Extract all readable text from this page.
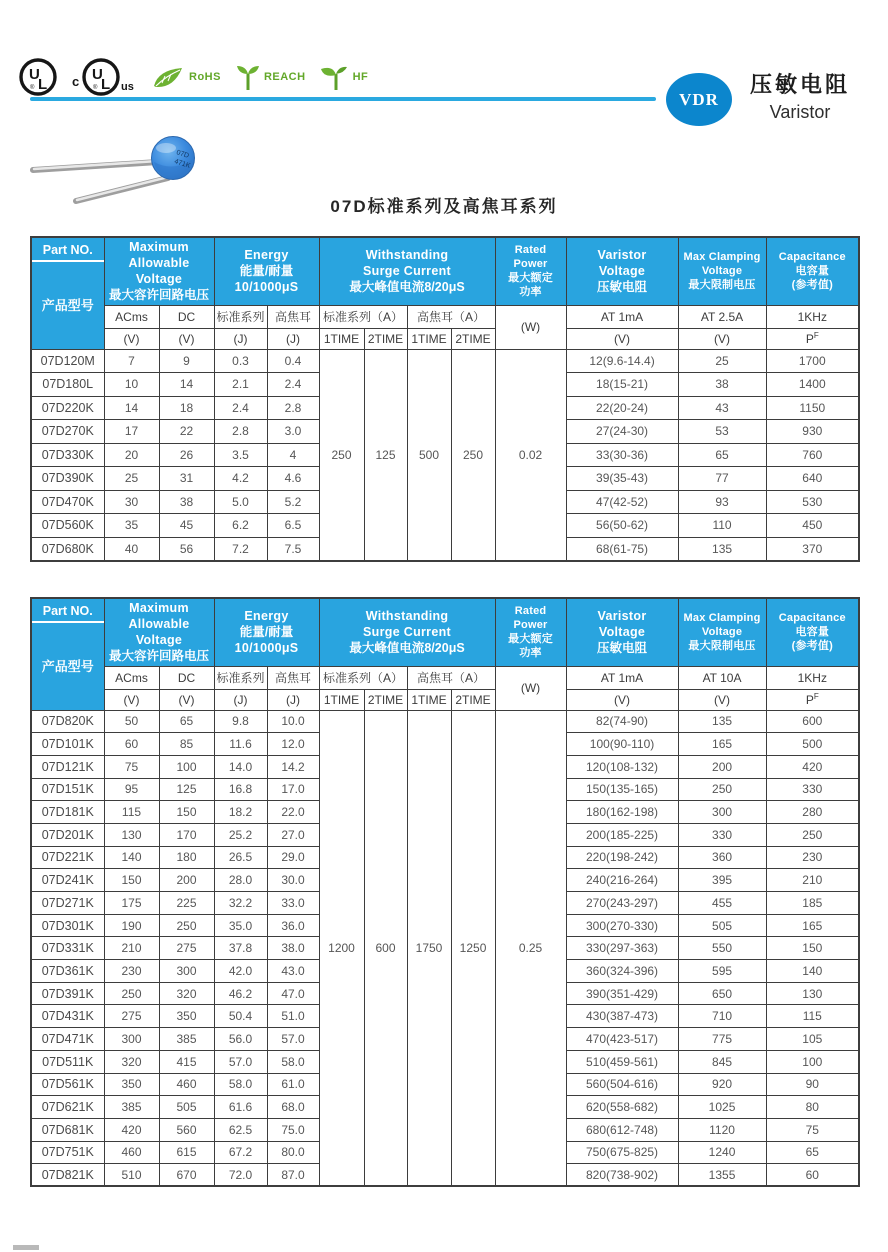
U
L
®	c U
L
® us
RoHS	REACH	HF
VDR
压敏电阻
Varistor
07D
471K
07D标准系列及高焦耳系列
Part NO.
产品型号

Maximum
Allowable Voltage
最大容许回路电压

Energy
能量/耐量
10/1000μS

Withstanding
Surge Current
最大峰值电流8/20μS

Rated
Power
最大额定
功率

Varistor
Voltage
压敏电阻

Max Clamping
Voltage
最大限制电压

Capacitance
电容量
(参考值)

	ACms	DC	标准系列	高焦耳	标准系列（A）		高焦耳（A）		(W)	AT 1mA	AT 2.5A	1KHz
	(V)	(V)	(J)	(J)	1TIME	2TIME	1TIME	2TIME		(V)	(V)	$P^F$
07D120M	7	9	0.3	0.4	250	125	500	250	0.02	12(9.6-14.4)	25	1700
07D180L	10	14	2.1	2.4						18(15-21)	38	1400
07D220K	14	18	2.4	2.8						22(20-24)	43	1150
07D270K	17	22	2.8	3.0						27(24-30)	53	930
07D330K	20	26	3.5	4						33(30-36)	65	760
07D390K	25	31	4.2	4.6						39(35-43)	77	640
07D470K	30	38	5.0	5.2						47(42-52)	93	530
07D560K	35	45	6.2	6.5						56(50-62)	110	450
07D680K	40	56	7.2	7.5						68(61-75)	135	370
Part NO.
产品型号

Maximum
Allowable Voltage
最大容许回路电压

Energy
能量/耐量
10/1000μS

Withstanding
Surge Current
最大峰值电流8/20μS

Rated
Power
最大额定
功率

Varistor
Voltage
压敏电阻

Max Clamping
Voltage
最大限制电压

Capacitance
电容量
(参考值)

	ACms	DC	标准系列	高焦耳	标准系列（A）		高焦耳（A）		(W)	AT 1mA	AT 10A	1KHz
	(V)	(V)	(J)	(J)	1TIME	2TIME	1TIME	2TIME		(V)	(V)	$P^F$
07D820K	50	65	9.8	10.0	1200	600	1750	1250	0.25	82(74-90)	135	600
07D101K	60	85	11.6	12.0						100(90-110)	165	500
07D121K	75	100	14.0	14.2						120(108-132)	200	420
07D151K	95	125	16.8	17.0						150(135-165)	250	330
07D181K	115	150	18.2	22.0						180(162-198)	300	280
07D201K	130	170	25.2	27.0						200(185-225)	330	250
07D221K	140	180	26.5	29.0						220(198-242)	360	230
07D241K	150	200	28.0	30.0						240(216-264)	395	210
07D271K	175	225	32.2	33.0						270(243-297)	455	185
07D301K	190	250	35.0	36.0						300(270-330)	505	165
07D331K	210	275	37.8	38.0						330(297-363)	550	150
07D361K	230	300	42.0	43.0						360(324-396)	595	140
07D391K	250	320	46.2	47.0						390(351-429)	650	130
07D431K	275	350	50.4	51.0						430(387-473)	710	115
07D471K	300	385	56.0	57.0						470(423-517)	775	105
07D511K	320	415	57.0	58.0						510(459-561)	845	100
07D561K	350	460	58.0	61.0						560(504-616)	920	90
07D621K	385	505	61.6	68.0						620(558-682)	1025	80
07D681K	420	560	62.5	75.0						680(612-748)	1120	75
07D751K	460	615	67.2	80.0						750(675-825)	1240	65
07D821K	510	670	72.0	87.0						820(738-902)	1355	60
